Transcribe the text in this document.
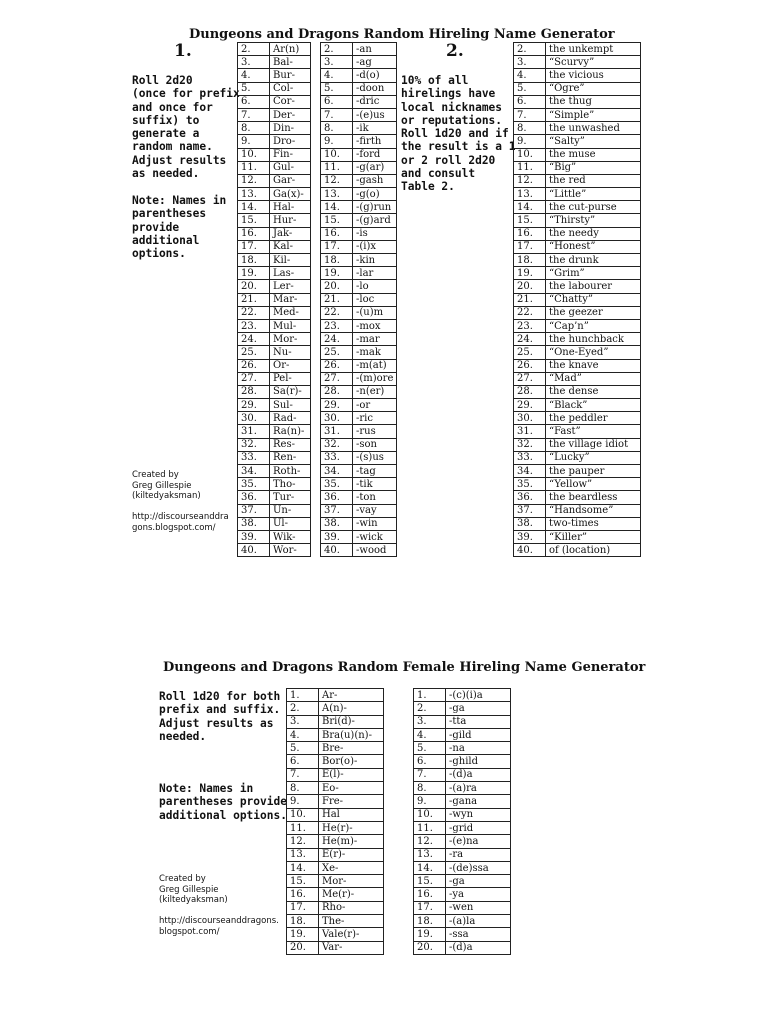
Dungeons and Dragons Random Hireling Name Generator
1.	2.
Roll 2d20
(once for prefix
and once for
suffix) to
generate a
random name.
Adjust results
as needed.
Note: Names in
parentheses
provide
additional
options.
Created by
Greg Gillespie
(kiltedyaksman)

http://discourseanddra
gons.blogspot.com/
10% of all
hirelings have
local nicknames
or reputations.
Roll 1d20 and if
the result is a 1
or 2 roll 2d20
and consult
Table 2.
2.	Ar(n)
3.	Bal-
4.	Bur-
5.	Col-
6.	Cor-
7.	Der-
8.	Din-
9.	Dro-
10.	Fin-
11.	Gul-
12.	Gar-
13.	Ga(x)-
14.	Hal-
15.	Hur-
16.	Jak-
17.	Kal-
18.	Kil-
19.	Las-
20.	Ler-
21.	Mar-
22.	Med-
23.	Mul-
24.	Mor-
25.	Nu-
26.	Or-
27.	Pel-
28.	Sa(r)-
29.	Sul-
30.	Rad-
31.	Ra(n)-
32.	Res-
33.	Ren-
34.	Roth-
35.	Tho-
36.	Tur-
37.	Un-
38.	Ul-
39.	Wik-
40.	Wor-
2.	-an
3.	-ag
4.	-d(o)
5.	-doon
6.	-dric
7.	-(e)us
8.	-ik
9.	-firth
10.	-ford
11.	-g(ar)
12.	-gash
13.	-g(o)
14.	-(g)run
15.	-(g)ard
16.	-is
17.	-(i)x
18.	-kin
19.	-lar
20.	-lo
21.	-loc
22.	-(u)m
23.	-mox
24.	-mar
25.	-mak
26.	-m(at)
27.	-(m)ore
28.	-n(er)
29.	-or
30.	-ric
31.	-rus
32.	-son
33.	-(s)us
34.	-tag
35.	-tik
36.	-ton
37.	-vay
38.	-win
39.	-wick
40.	-wood
2.	the unkempt
3.	“Scurvy”
4.	the vicious
5.	“Ogre”
6.	the thug
7.	“Simple”
8.	the unwashed
9.	“Salty”
10.	the muse
11.	“Big”
12.	the red
13.	“Little”
14.	the cut-purse
15.	“Thirsty”
16.	the needy
17.	“Honest”
18.	the drunk
19.	“Grim”
20.	the labourer
21.	“Chatty”
22.	the geezer
23.	“Cap’n”
24.	the hunchback
25.	“One-Eyed”
26.	the knave
27.	“Mad”
28.	the dense
29.	“Black”
30.	the peddler
31.	“Fast”
32.	the village idiot
33.	“Lucky”
34.	the pauper
35.	“Yellow”
36.	the beardless
37.	“Handsome”
38.	two-times
39.	“Killer”
40.	of (location)
Dungeons and Dragons Random Female Hireling Name Generator
Roll 1d20 for both
prefix and suffix.
Adjust results as
needed.
Note: Names in
parentheses provide
additional options.
Created by
Greg Gillespie
(kiltedyaksman)

http://discourseanddragons.
blogspot.com/
1.	Ar-
2.	A(n)-
3.	Bri(d)-
4.	Bra(u)(n)-
5.	Bre-
6.	Bor(o)-
7.	E(l)-
8.	Eo-
9.	Fre-
10.	Hal
11.	He(r)-
12.	He(m)-
13.	E(r)-
14.	Xe-
15.	Mor-
16.	Me(r)-
17.	Rho-
18.	The-
19.	Vale(r)-
20.	Var-
1.	-(c)(i)a
2.	-ga
3.	-tta
4.	-gild
5.	-na
6.	-ghild
7.	-(d)a
8.	-(a)ra
9.	-gana
10.	-wyn
11.	-grid
12.	-(e)na
13.	-ra
14.	-(de)ssa
15.	-ga
16.	-ya
17.	-wen
18.	-(a)la
19.	-ssa
20.	-(d)a
